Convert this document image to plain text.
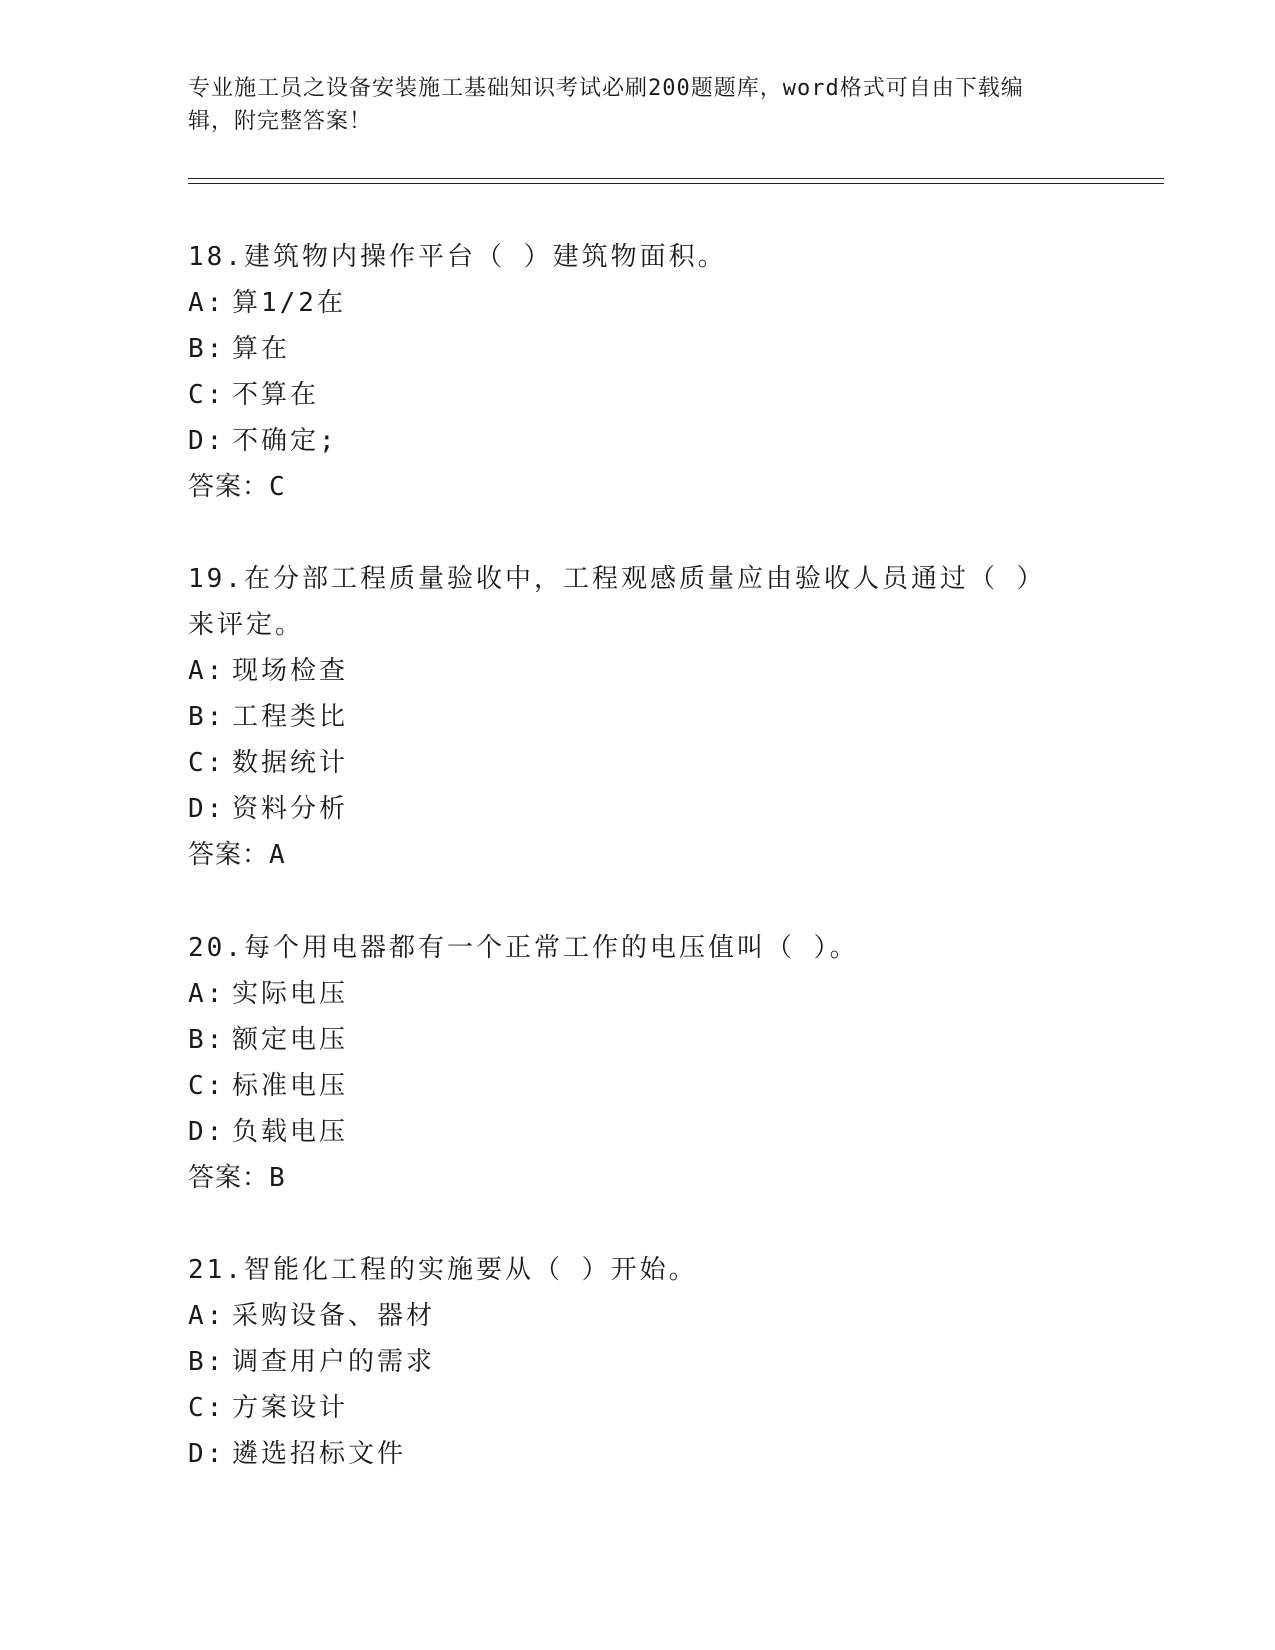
专业施工员之设备安装施工基础知识考试必刷200题题库，word格式可自由下载编辑，附完整答案！
18.建筑物内操作平台（ ）建筑物面积。
A: 算1/2在
B: 算在
C: 不算在
D: 不确定;
答案：C
19.在分部工程质量验收中，工程观感质量应由验收人员通过（ ）来评定。
A: 现场检查
B: 工程类比
C: 数据统计
D: 资料分析
答案：A
20.每个用电器都有一个正常工作的电压值叫（ ）。
A: 实际电压
B: 额定电压
C: 标准电压
D: 负载电压
答案：B
21.智能化工程的实施要从（ ）开始。
A: 采购设备、器材
B: 调查用户的需求
C: 方案设计
D: 遴选招标文件
